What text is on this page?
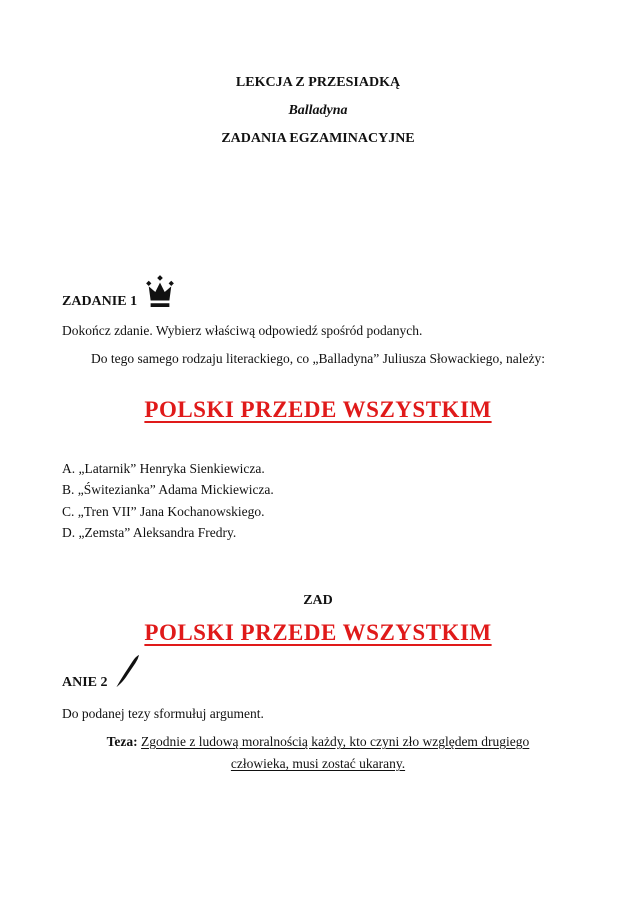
LEKCJA Z PRZESIADKĄ
Balladyna
ZADANIA EGZAMINACYJNE
ZADANIE 1
Dokończ zdanie. Wybierz właściwą odpowiedź spośród podanych.
Do tego samego rodzaju literackiego, co „Balladyna” Juliusza Słowackiego, należy:
POLSKI PRZEDE WSZYSTKIM
A. „Latarnik” Henryka Sienkiewicza.
B. „Świtezianka” Adama Mickiewicza.
C. „Tren VII” Jana Kochanowskiego.
D. „Zemsta” Aleksandra Fredry.
ZAD
POLSKI PRZEDE WSZYSTKIM
ANIE 2
Do podanej tezy sformułuj argument.
Teza: Zgodnie z ludową moralnością każdy, kto czyni zło względem drugiego człowieka, musi zostać ukarany.
